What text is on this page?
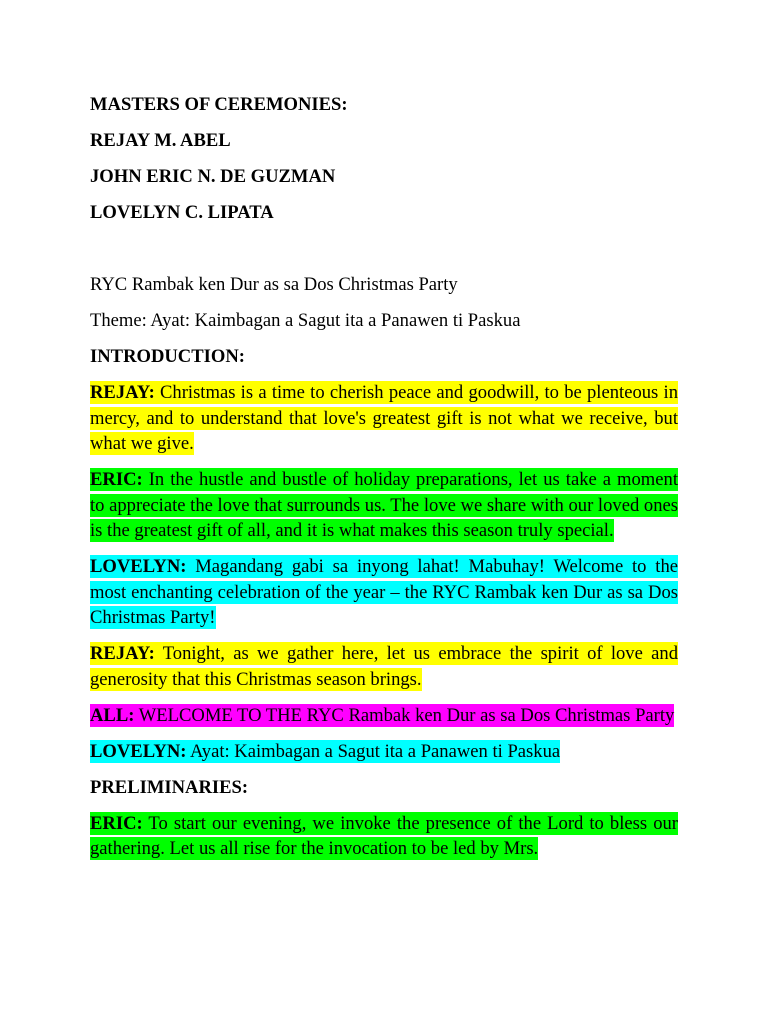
MASTERS OF CEREMONIES:

REJAY M. ABEL

JOHN ERIC N. DE GUZMAN

LOVELYN C. LIPATA

RYC Rambak ken Dur as sa Dos Christmas Party

Theme: Ayat: Kaimbagan a Sagut ita a Panawen ti Paskua

INTRODUCTION:

REJAY: Christmas is a time to cherish peace and goodwill, to be plenteous in mercy, and to understand that love's greatest gift is not what we receive, but what we give.

ERIC: In the hustle and bustle of holiday preparations, let us take a moment to appreciate the love that surrounds us. The love we share with our loved ones is the greatest gift of all, and it is what makes this season truly special.

LOVELYN: Magandang gabi sa inyong lahat! Mabuhay! Welcome to the most enchanting celebration of the year – the RYC Rambak ken Dur as sa Dos Christmas Party!

REJAY: Tonight, as we gather here, let us embrace the spirit of love and generosity that this Christmas season brings.

ALL: WELCOME TO THE RYC Rambak ken Dur as sa Dos Christmas Party

LOVELYN: Ayat: Kaimbagan a Sagut ita a Panawen ti Paskua

PRELIMINARIES:

ERIC: To start our evening, we invoke the presence of the Lord to bless our gathering. Let us all rise for the invocation to be led by Mrs.
